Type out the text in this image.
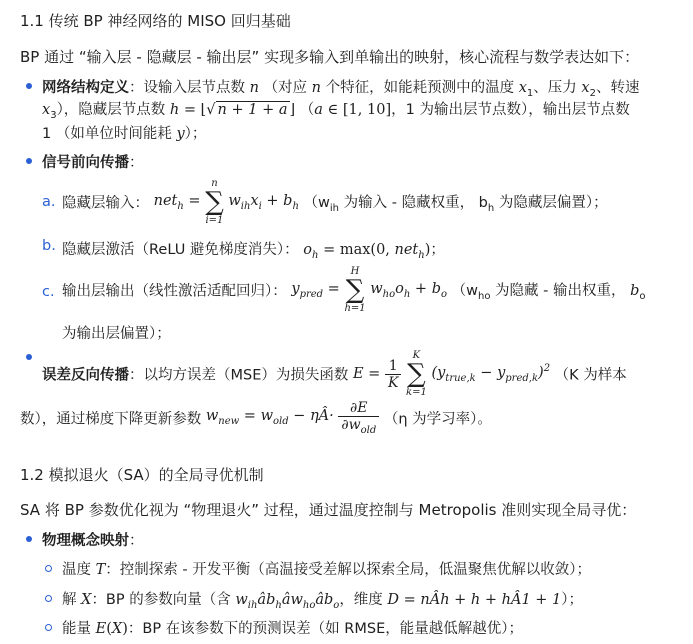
1.1 传统 BP 神经网络的 MISO 回归基础
BP 通过 “输入层 - 隐藏层 - 输出层” 实现多输入到单输出的映射，核心流程与数学表达如下：
网络结构定义：设输入层节点数 n （对应 n 个特征，如能耗预测中的温度 $x_1$、压力 $x_2$、转速
$x_3$），隐藏层节点数 h = ⌊√ n + 1 + a ⌋ （a ∈ [1, 10]，1 为输出层节点数），输出层节点数
1 （如单位时间能耗 y）；
信号前向传播：
a. 隐藏层输入： net$_h$ =
n
∑
i=1
$w_{ih}x_i + b_h$ （$w_{ih}$ 为输入 - 隐藏权重， $b_h$ 为隐藏层偏置）；
b. 隐藏层激活（ReLU 避免梯度消失）： $o_h = \max(0$, net$_h$)；
c. 输出层输出（线性激活适配回归）： $y_{pred}$ =
H
∑
h=1
$w_{ho}o_h + b_o$ （$w_{ho}$ 为隐藏 - 输出权重， $b_o$
为输出层偏置）；
误差反向传播：以均方误差（MSE）为损失函数 $E = \frac{1}{K}$

K
∑
k=1
$(y_{true,k} - y_{pred,k})^2$ （K 为样本
数），通过梯度下降更新参数 $w_{new} = w_{old}$ − ηÂ· $\frac{\partial E}{\partial w_{old}} (\eta$ 为学习率）。
1.2 模拟退火（SA）的全局寻优机制
SA 将 BP 参数优化视为 “物理退火” 过程，通过温度控制与 Metropolis 准则实现全局寻优：
物理概念映射：
温度 T：控制探索 - 开发平衡（高温接受差解以探索全局，低温聚焦优解以收敛）；
解 X：BP 的参数向量（含 $w_{ih}âb_hâw_{ho}âb_o$，维度 D = nÂh + h + hÂ1 + 1）；
能量 E(X)：BP 在该参数下的预测误差（如 RMSE，能量越低解越优）；
